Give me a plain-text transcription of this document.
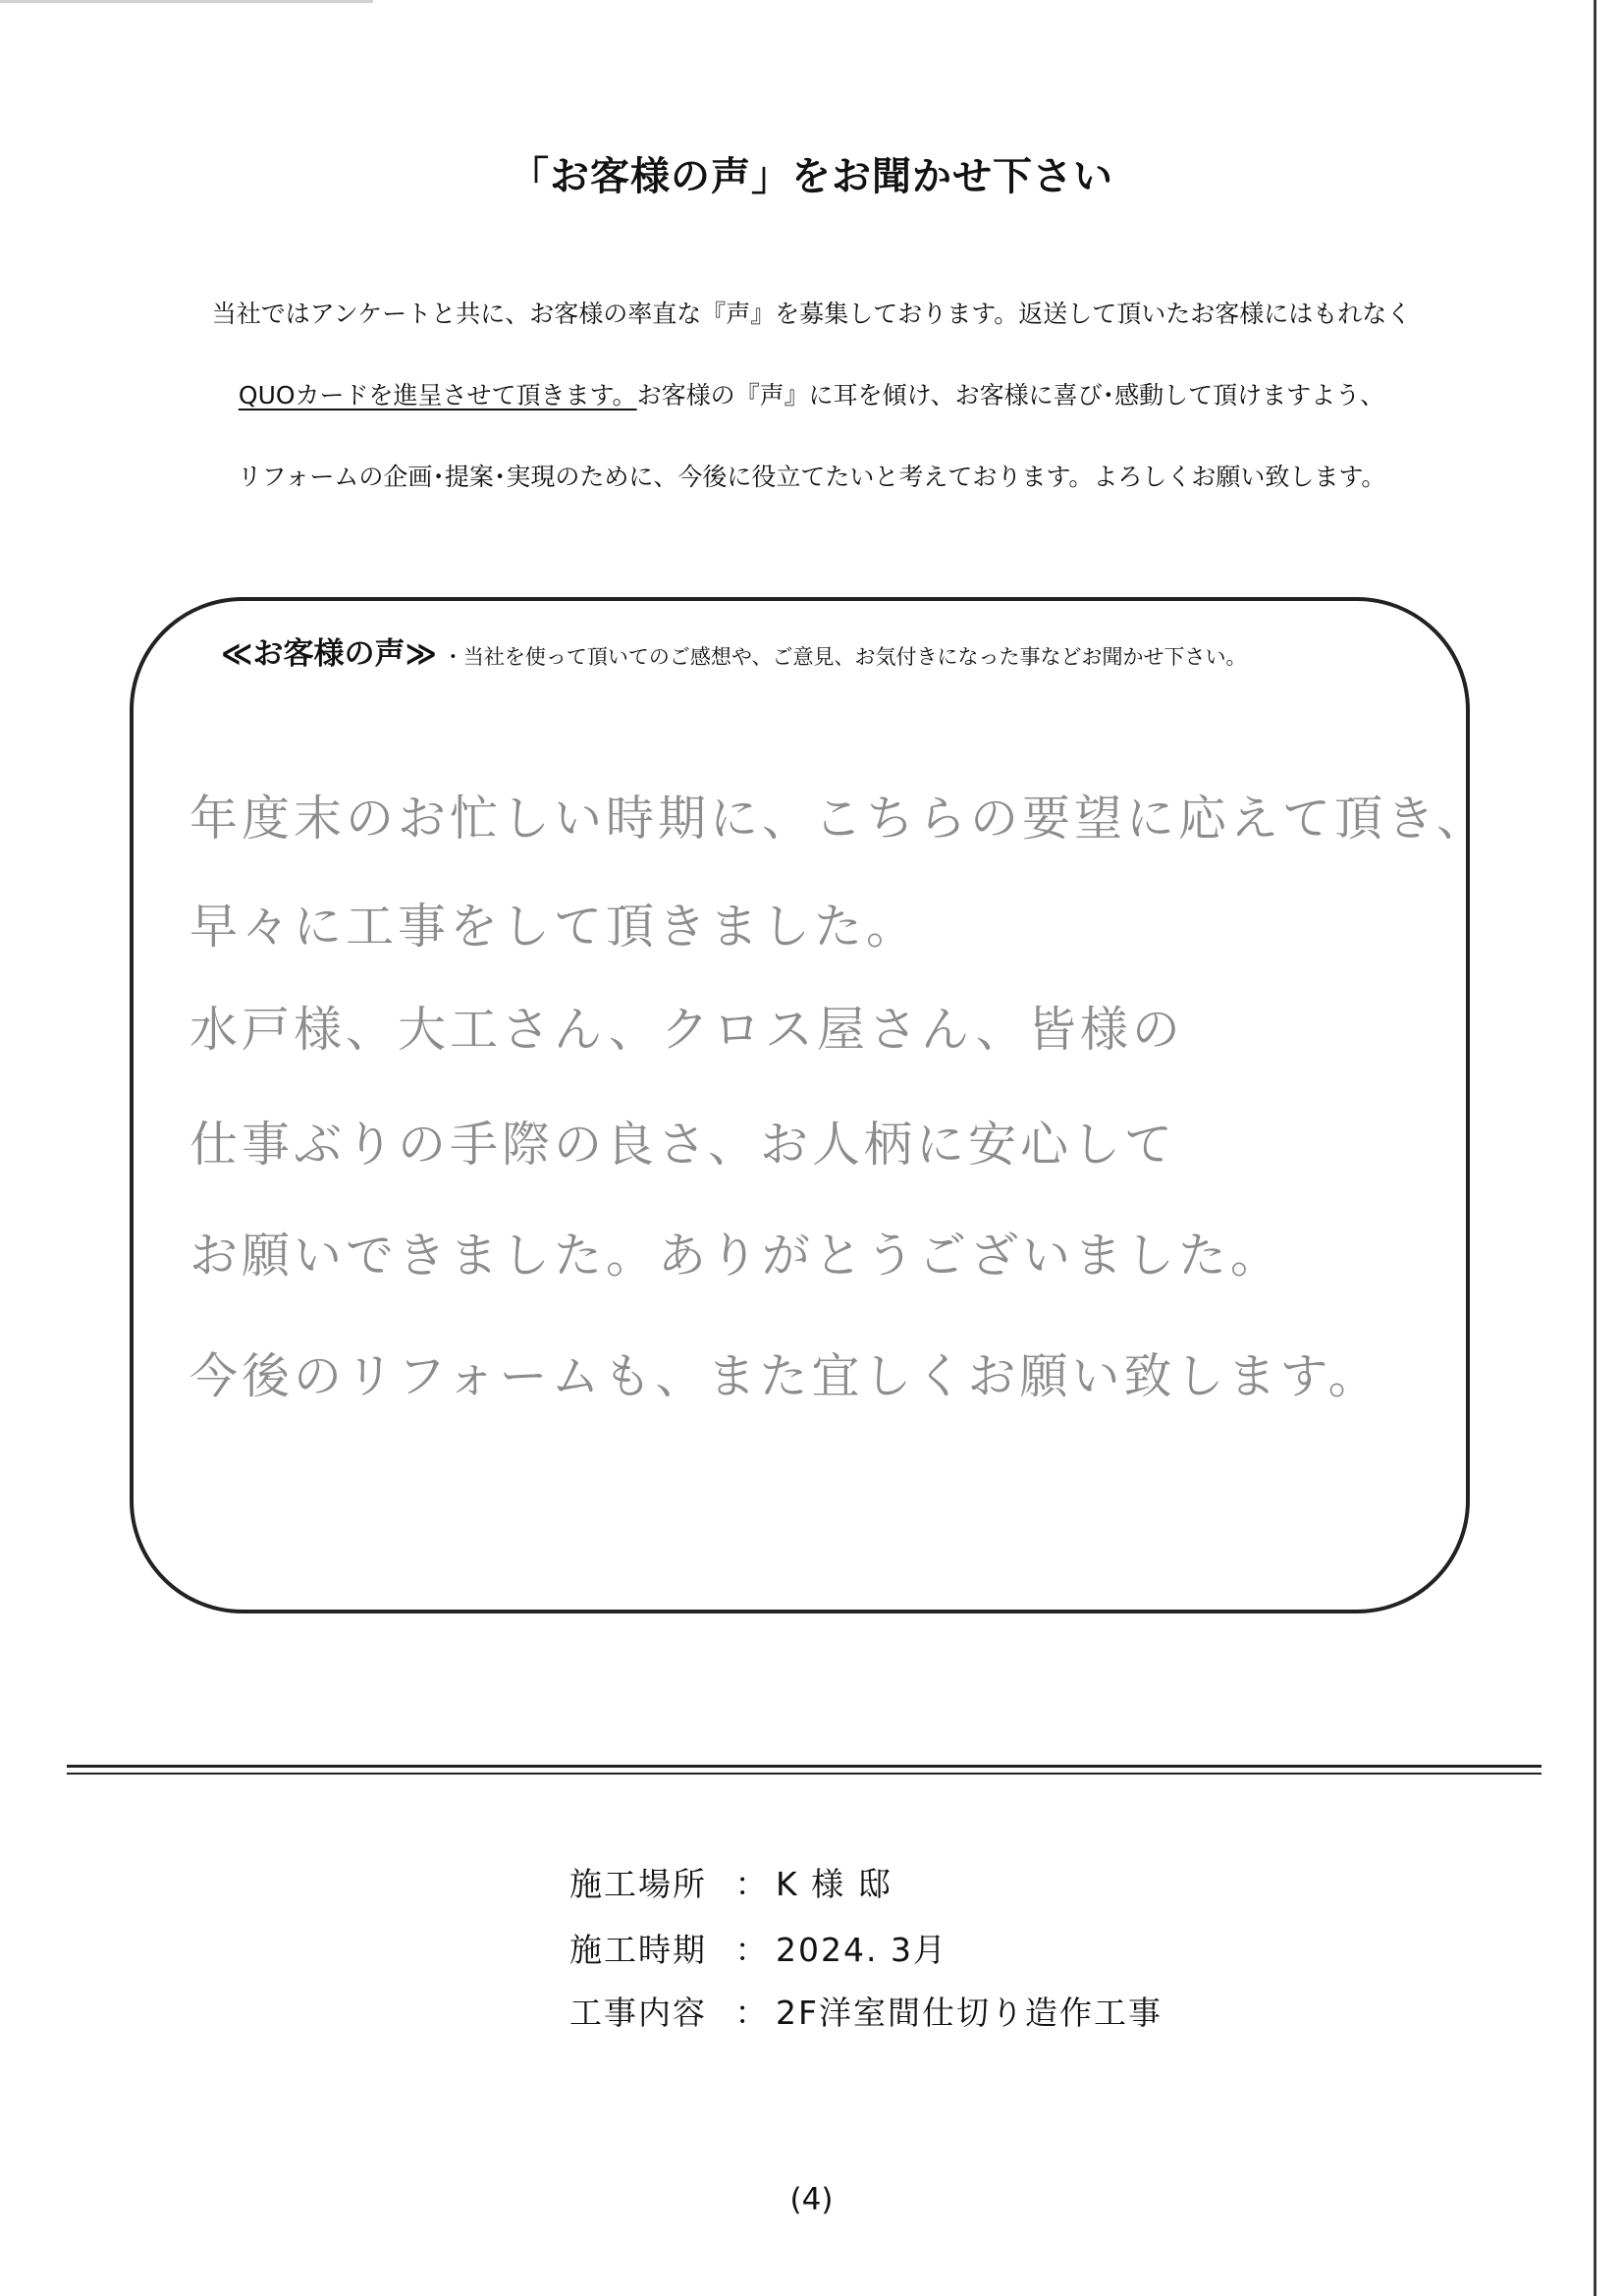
「お客様の声」をお聞かせ下さい

当社ではアンケートと共に、お客様の率直な『声』を募集しております。返送して頂いたお客様にはもれなく

QUOカードを進呈させて頂きます。お客様の『声』に耳を傾け、お客様に喜び･感動して頂けますよう、

リフォームの企画･提案･実現のために、今後に役立てたいと考えております。よろしくお願い致します。

≪お客様の声≫ ・当社を使って頂いてのご感想や、ご意見、お気付きになった事などお聞かせ下さい。

年度末のお忙しい時期に、こちらの要望に応えて頂き、

早々に工事をして頂きました。

水戸様、大工さん、クロス屋さん、皆様の

仕事ぶりの手際の良さ、お人柄に安心して

お願いできました。ありがとうございました。

今後のリフォームも、また宜しくお願い致します。

施工場所 ： K 様 邸
施工時期 ： 2024. 3月
工事内容 ： 2F洋室間仕切り造作工事

(4)
